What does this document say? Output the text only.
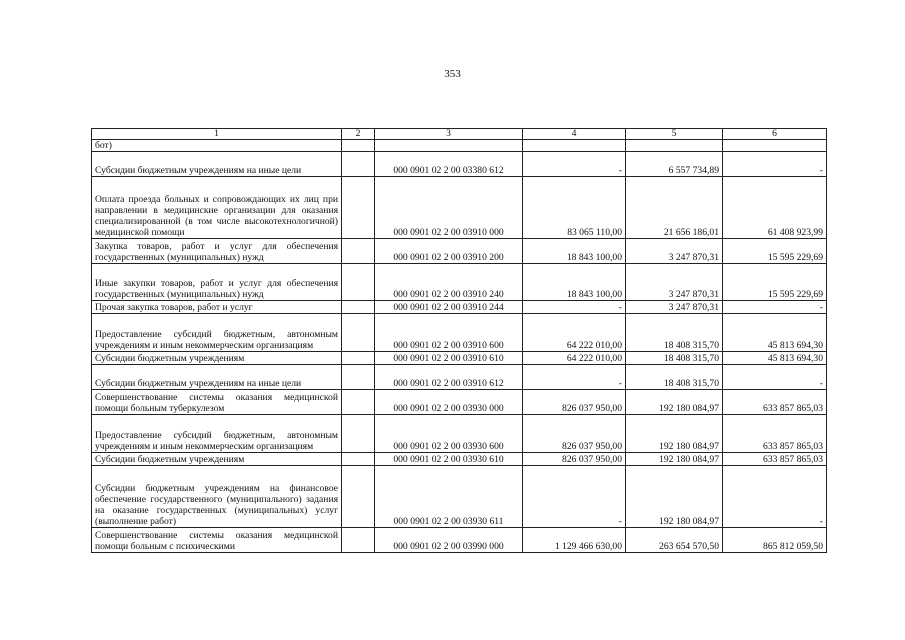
353
1	2	3	4	5	6
бот)					
Субсидии бюджетным учреждениям на иные цели		000 0901 02 2 00 03380 612	-	6 557 734,89	-
Оплата проезда больных и сопровождающих их лиц при направлении в медицинские организации для оказания специализированной (в том числе высокотехнологичной) медицинской помощи		000 0901 02 2 00 03910 000	83 065 110,00	21 656 186,01	61 408 923,99
Закупка товаров, работ и услуг для обеспечения государственных (муниципальных) нужд		000 0901 02 2 00 03910 200	18 843 100,00	3 247 870,31	15 595 229,69
Иные закупки товаров, работ и услуг для обеспечения государственных (муниципальных) нужд		000 0901 02 2 00 03910 240	18 843 100,00	3 247 870,31	15 595 229,69
Прочая закупка товаров, работ и услуг		000 0901 02 2 00 03910 244	-	3 247 870,31	-
Предоставление субсидий бюджетным, автономным учреждениям и иным некоммерческим организациям		000 0901 02 2 00 03910 600	64 222 010,00	18 408 315,70	45 813 694,30
Субсидии бюджетным учреждениям		000 0901 02 2 00 03910 610	64 222 010,00	18 408 315,70	45 813 694,30
Субсидии бюджетным учреждениям на иные цели		000 0901 02 2 00 03910 612	-	18 408 315,70	-
Совершенствование системы оказания медицинской помощи больным туберкулезом		000 0901 02 2 00 03930 000	826 037 950,00	192 180 084,97	633 857 865,03
Предоставление субсидий бюджетным, автономным учреждениям и иным некоммерческим организациям		000 0901 02 2 00 03930 600	826 037 950,00	192 180 084,97	633 857 865,03
Субсидии бюджетным учреждениям		000 0901 02 2 00 03930 610	826 037 950,00	192 180 084,97	633 857 865,03
Субсидии бюджетным учреждениям на финансовое обеспечение государственного (муниципального) задания на оказание государственных (муниципальных) услуг (выполнение работ)		000 0901 02 2 00 03930 611	-	192 180 084,97	-
Совершенствование системы оказания медицинской помощи больным с психическими		000 0901 02 2 00 03990 000	1 129 466 630,00	263 654 570,50	865 812 059,50
